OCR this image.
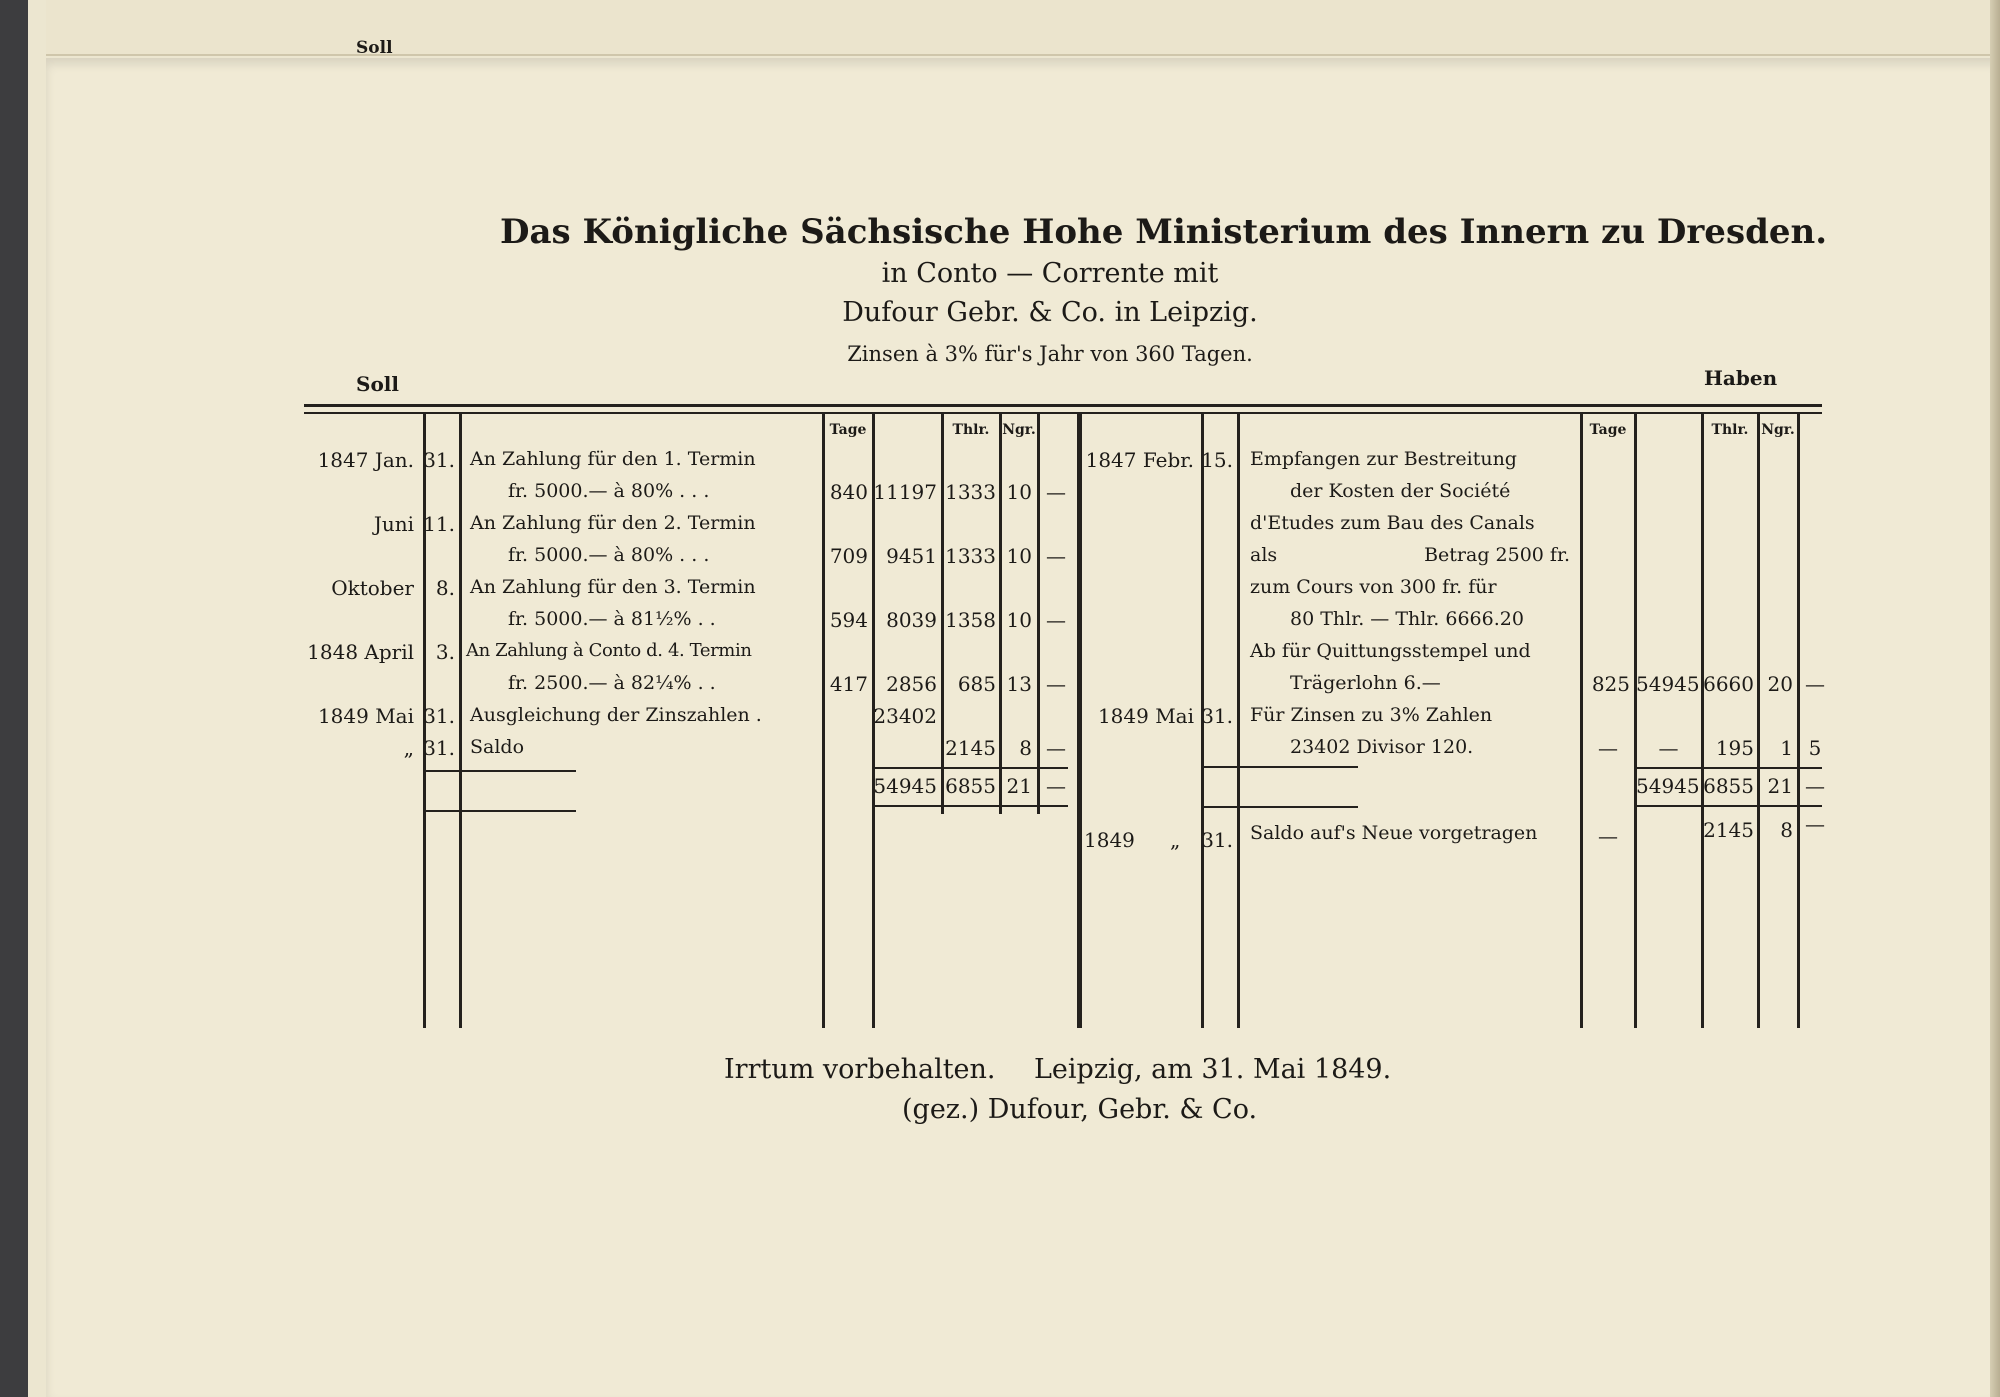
Soll
Das Königliche Sächsische Hohe Ministerium des Innern zu Dresden.
in Conto — Corrente mit
Dufour Gebr. & Co. in Leipzig.
Zinsen à 3% für's Jahr von 360 Tagen.
Soll	Haben
Tage	Thlr. Ngr.	Tage	Thlr. Ngr.
1847 Jan. 31. An Zahlung für den 1. Termin
fr. 5000.— à 80% . . .	840 11197 1333 10 —
Juni 11. An Zahlung für den 2. Termin
fr. 5000.— à 80% . . .	709 9451 1333 10 —
Oktober	8. An Zahlung für den 3. Termin
fr. 5000.— à 81½% . .	594 8039 1358 10 —
1848 April	3. An Zahlung à Conto d. 4. Termin
fr. 2500.— à 82¼% . .	417 2856	685 13 —
1849 Mai 31. Ausgleichung der Zinszahlen .	23402
„ 31. Saldo	2145	8 —
54945 6855 21 —
1847 Febr. 15. Empfangen zur Bestreitung
der Kosten der Société
d'Etudes zum Bau des Canals
als	Betrag 2500 fr.
zum Cours von 300 fr. für
80 Thlr. — Thlr. 6666.20
Ab für Quittungsstempel und
Trägerlohn 6.—	825 54945 6660 20 —
1849 Mai 31. Für Zinsen zu 3% Zahlen
23402 Divisor 120.	—	—	195	1 5
54945 6855 21 —
1849 „ 31. Saldo auf's Neue vorgetragen	—	2145	8 —
Irrtum vorbehalten. Leipzig, am 31. Mai 1849.
(gez.) Dufour, Gebr. & Co.
